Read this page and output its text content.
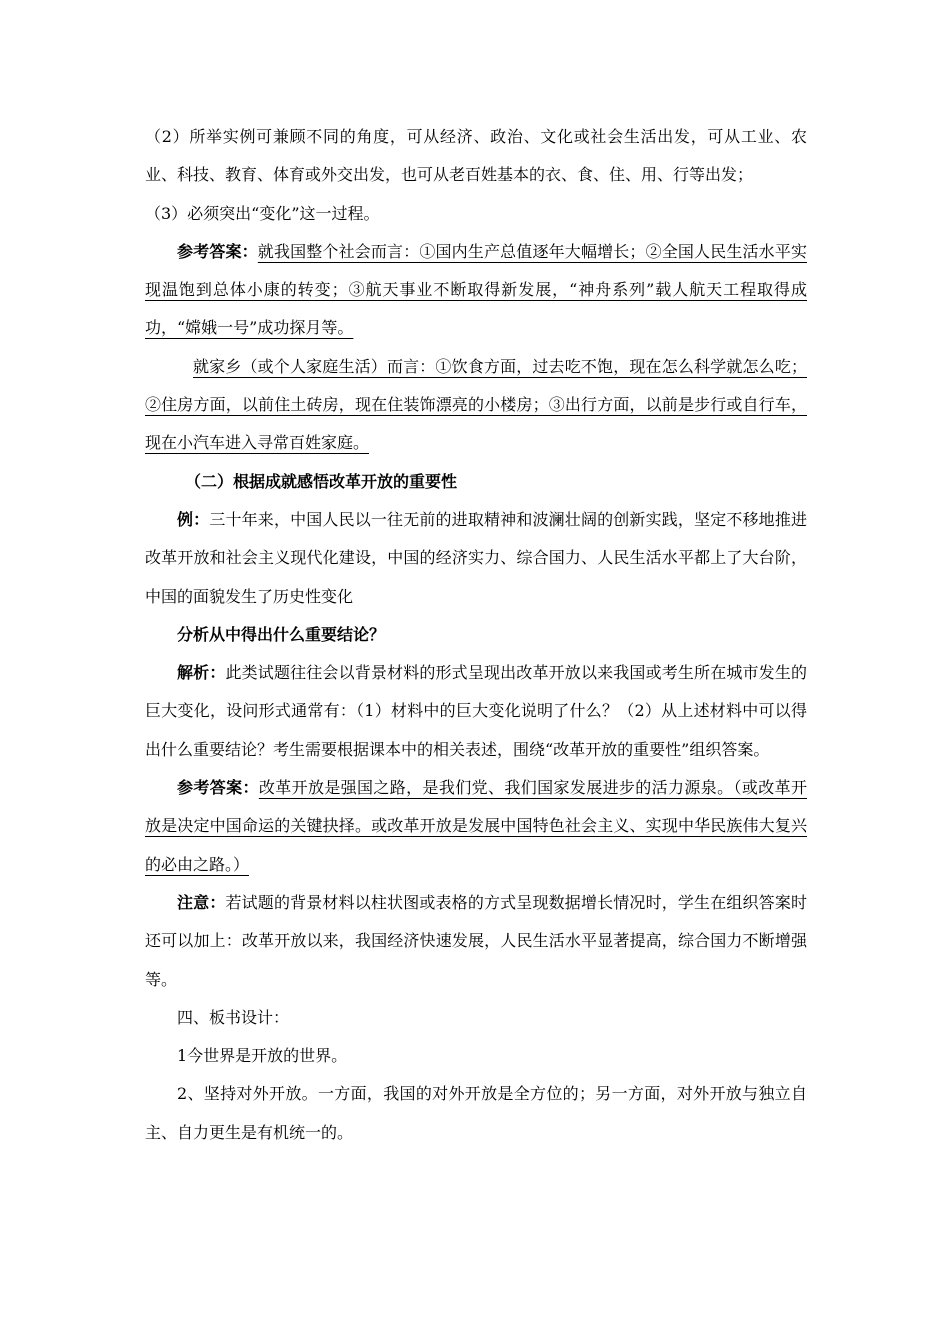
（2）所举实例可兼顾不同的角度，可从经济、政治、文化或社会生活出发，可从工业、农业、科技、教育、体育或外交出发，也可从老百姓基本的衣、食、住、用、行等出发；

（3）必须突出“变化”这一过程。

参考答案：就我国整个社会而言：①国内生产总值逐年大幅增长；②全国人民生活水平实现温饱到总体小康的转变；③航天事业不断取得新发展，“神舟系列”载人航天工程取得成功，“嫦娥一号”成功探月等。

就家乡（或个人家庭生活）而言：①饮食方面，过去吃不饱，现在怎么科学就怎么吃；②住房方面，以前住土砖房，现在住装饰漂亮的小楼房；③出行方面，以前是步行或自行车，现在小汽车进入寻常百姓家庭。

（二）根据成就感悟改革开放的重要性

例：三十年来，中国人民以一往无前的进取精神和波澜壮阔的创新实践，坚定不移地推进改革开放和社会主义现代化建设，中国的经济实力、综合国力、人民生活水平都上了大台阶，中国的面貌发生了历史性变化

分析从中得出什么重要结论？

解析：此类试题往往会以背景材料的形式呈现出改革开放以来我国或考生所在城市发生的巨大变化，设问形式通常有：（1）材料中的巨大变化说明了什么？（2）从上述材料中可以得出什么重要结论？考生需要根据课本中的相关表述，围绕“改革开放的重要性”组织答案。

参考答案：改革开放是强国之路，是我们党、我们国家发展进步的活力源泉。（或改革开放是决定中国命运的关键抉择。或改革开放是发展中国特色社会主义、实现中华民族伟大复兴的必由之路。）

注意：若试题的背景材料以柱状图或表格的方式呈现数据增长情况时，学生在组织答案时还可以加上：改革开放以来，我国经济快速发展，人民生活水平显著提高，综合国力不断增强等。

四、板书设计：

1今世界是开放的世界。

2、坚持对外开放。一方面，我国的对外开放是全方位的；另一方面，对外开放与独立自主、自力更生是有机统一的。
